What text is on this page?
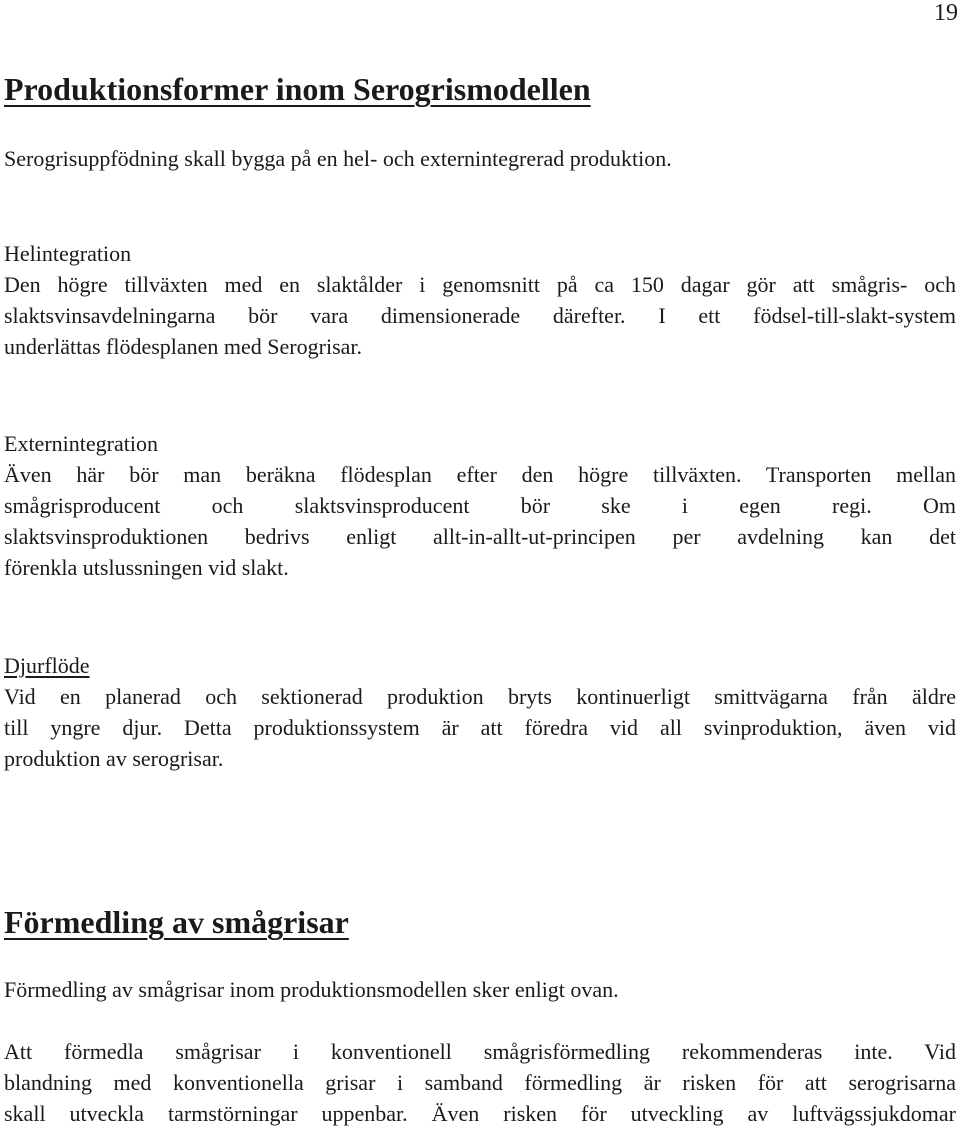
19
Produktionsformer inom Serogrismodellen

Serogrisuppfödning skall bygga på en hel- och externintegrerad produktion.

Helintegration
Den högre tillväxten med en slaktålder i genomsnitt på ca 150 dagar gör att smågris- och
slaktsvinsavdelningarna bör vara dimensionerade därefter. I ett födsel-till-slakt-system
underlättas flödesplanen med Serogrisar.
Externintegration
Även här bör man beräkna flödesplan efter den högre tillväxten. Transporten mellan
smågrisproducent och slaktsvinsproducent bör ske i egen regi. Om
slaktsvinsproduktionen bedrivs enligt allt-in-allt-ut-principen per avdelning kan det
förenkla utslussningen vid slakt.
Djurflöde
Vid en planerad och sektionerad produktion bryts kontinuerligt smittvägarna från äldre
till yngre djur. Detta produktionssystem är att föredra vid all svinproduktion, även vid
produktion av serogrisar.
Förmedling av smågrisar

Förmedling av smågrisar inom produktionsmodellen sker enligt ovan.

Att förmedla smågrisar i konventionell smågrisförmedling rekommenderas inte. Vid
blandning med konventionella grisar i samband förmedling är risken för att serogrisarna
skall utveckla tarmstörningar uppenbar. Även risken för utveckling av luftvägssjukdomar
